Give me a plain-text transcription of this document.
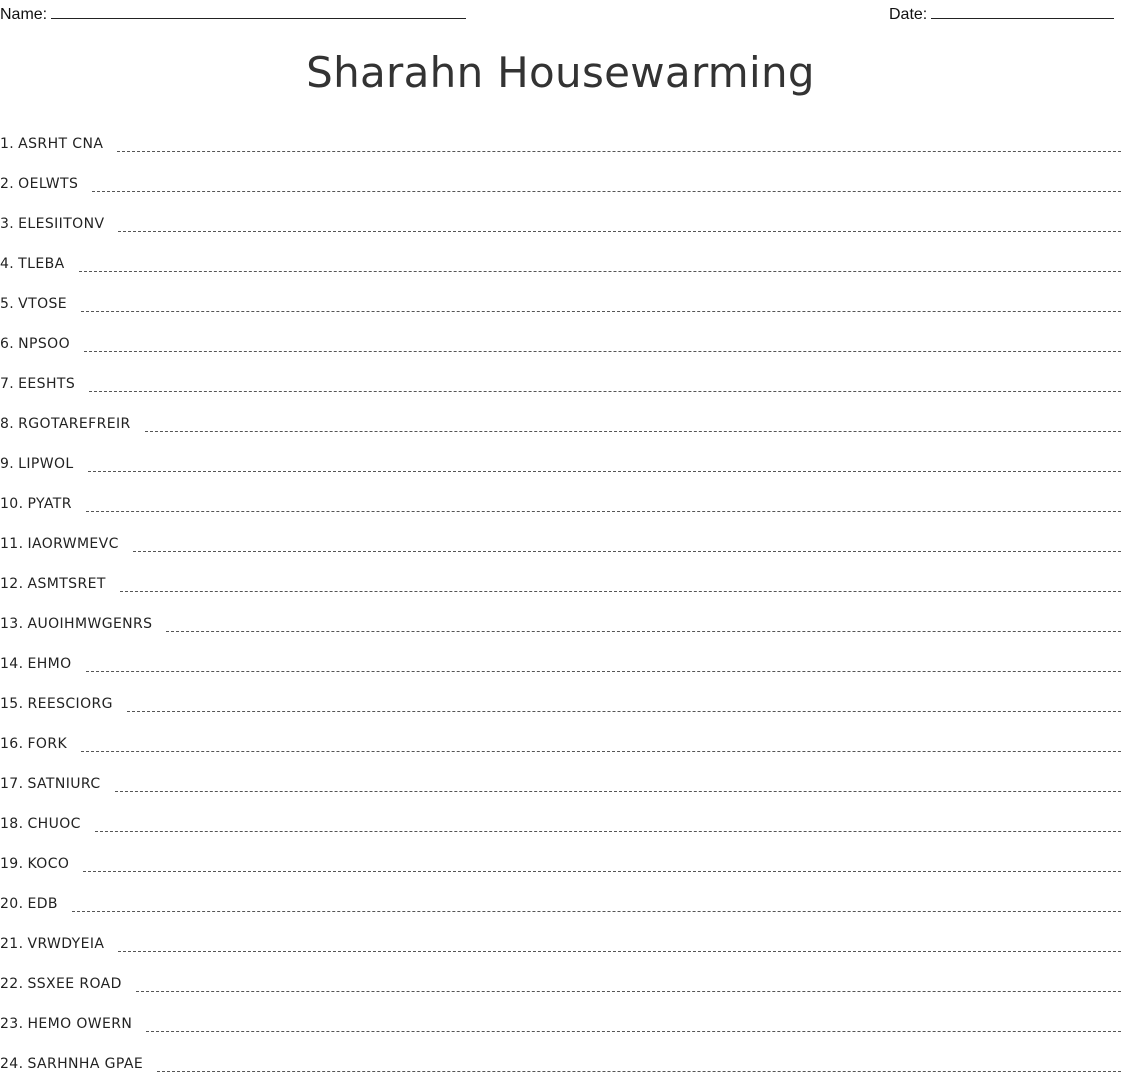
Name:	Date:
Sharahn Housewarming
1. ASRHT CNA
2. OELWTS
3. ELESIITONV
4. TLEBA
5. VTOSE
6. NPSOO
7. EESHTS
8. RGOTAREFREIR
9. LIPWOL
10. PYATR
11. IAORWMEVC
12. ASMTSRET
13. AUOIHMWGENRS
14. EHMO
15. REESCIORG
16. FORK
17. SATNIURC
18. CHUOC
19. KOCO
20. EDB
21. VRWDYEIA
22. SSXEE ROAD
23. HEMO OWERN
24. SARHNHA GPAE
